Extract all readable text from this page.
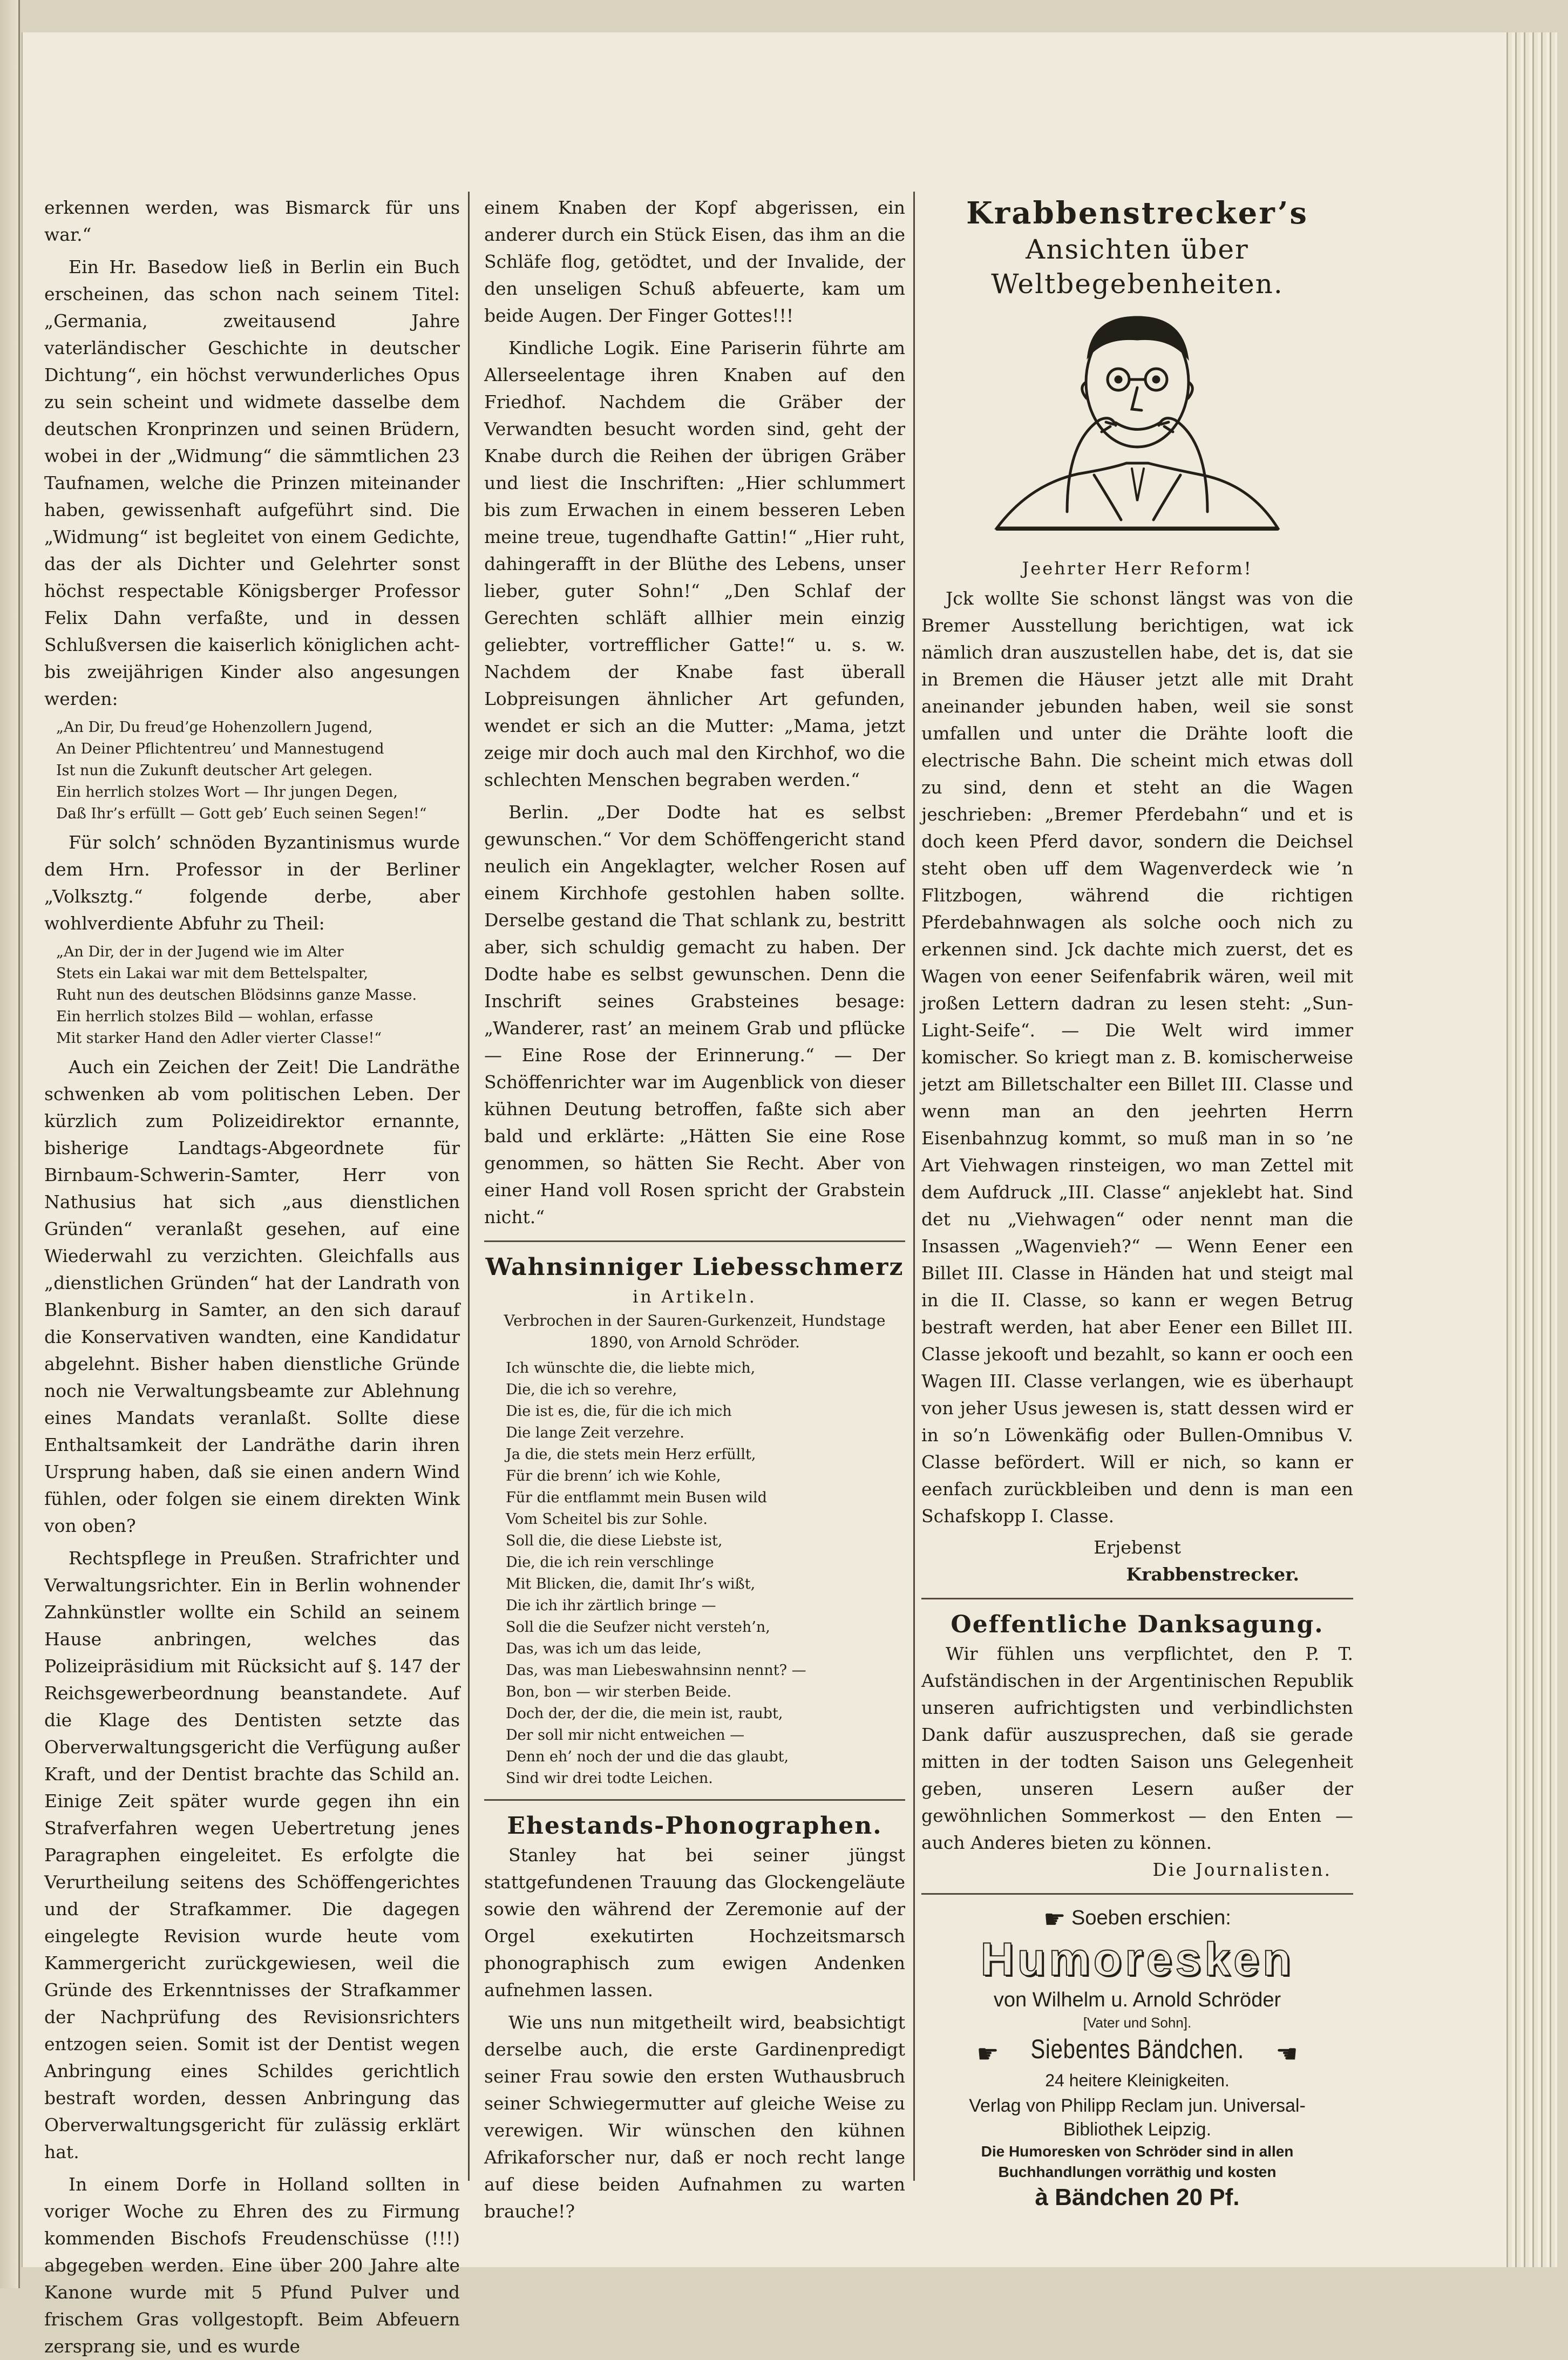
erkennen werden, was Bismarck für uns war.“

Ein Hr. Basedow ließ in Berlin ein Buch erscheinen, das schon nach seinem Titel: „Germania, zweitausend Jahre vaterländischer Geschichte in deutscher Dichtung“, ein höchst verwunderliches Opus zu sein scheint und widmete dasselbe dem deutschen Kronprinzen und seinen Brüdern, wobei in der „Widmung“ die sämmtlichen 23 Taufnamen, welche die Prinzen miteinander haben, gewissenhaft aufgeführt sind. Die „Widmung“ ist begleitet von einem Gedichte, das der als Dichter und Gelehrter sonst höchst respectable Königsberger Professor Felix Dahn verfaßte, und in dessen Schlußversen die kaiserlich königlichen acht- bis zweijährigen Kinder also angesungen werden:

„An Dir, Du freud’ge Hohenzollern Jugend,
An Deiner Pflichtentreu’ und Mannestugend
Ist nun die Zukunft deutscher Art gelegen.
Ein herrlich stolzes Wort — Ihr jungen Degen,
Daß Ihr’s erfüllt — Gott geb’ Euch seinen Segen!“

Für solch’ schnöden Byzantinismus wurde dem Hrn. Professor in der Berliner „Volksztg.“ folgende derbe, aber wohlverdiente Abfuhr zu Theil:

„An Dir, der in der Jugend wie im Alter
Stets ein Lakai war mit dem Bettelspalter,
Ruht nun des deutschen Blödsinns ganze Masse.
Ein herrlich stolzes Bild — wohlan, erfasse
Mit starker Hand den Adler vierter Classe!“

Auch ein Zeichen der Zeit! Die Landräthe schwenken ab vom politischen Leben. Der kürzlich zum Polizeidirektor ernannte, bisherige Landtags-Abgeordnete für Birnbaum-Schwerin-Samter, Herr von Nathusius hat sich „aus dienstlichen Gründen“ veranlaßt gesehen, auf eine Wiederwahl zu verzichten. Gleichfalls aus „dienstlichen Gründen“ hat der Landrath von Blankenburg in Samter, an den sich darauf die Konservativen wandten, eine Kandidatur abgelehnt. Bisher haben dienstliche Gründe noch nie Verwaltungsbeamte zur Ablehnung eines Mandats veranlaßt. Sollte diese Enthaltsamkeit der Landräthe darin ihren Ursprung haben, daß sie einen andern Wind fühlen, oder folgen sie einem direkten Wink von oben?

Rechtspflege in Preußen. Strafrichter und Verwaltungsrichter. Ein in Berlin wohnender Zahnkünstler wollte ein Schild an seinem Hause anbringen, welches das Polizeipräsidium mit Rücksicht auf §. 147 der Reichsgewerbeordnung beanstandete. Auf die Klage des Dentisten setzte das Oberverwaltungsgericht die Verfügung außer Kraft, und der Dentist brachte das Schild an. Einige Zeit später wurde gegen ihn ein Strafverfahren wegen Uebertretung jenes Paragraphen eingeleitet. Es erfolgte die Verurtheilung seitens des Schöffengerichtes und der Strafkammer. Die dagegen eingelegte Revision wurde heute vom Kammergericht zurückgewiesen, weil die Gründe des Erkenntnisses der Strafkammer der Nachprüfung des Revisionsrichters entzogen seien. Somit ist der Dentist wegen Anbringung eines Schildes gerichtlich bestraft worden, dessen Anbringung das Oberverwaltungsgericht für zulässig erklärt hat.

In einem Dorfe in Holland sollten in voriger Woche zu Ehren des zu Firmung kommenden Bischofs Freudenschüsse (!!!) abgegeben werden. Eine über 200 Jahre alte Kanone wurde mit 5 Pfund Pulver und frischem Gras vollgestopft. Beim Abfeuern zersprang sie, und es wurde

einem Knaben der Kopf abgerissen, ein anderer durch ein Stück Eisen, das ihm an die Schläfe flog, getödtet, und der Invalide, der den unseligen Schuß abfeuerte, kam um beide Augen. Der Finger Gottes!!!

Kindliche Logik. Eine Pariserin führte am Allerseelentage ihren Knaben auf den Friedhof. Nachdem die Gräber der Verwandten besucht worden sind, geht der Knabe durch die Reihen der übrigen Gräber und liest die Inschriften: „Hier schlummert bis zum Erwachen in einem besseren Leben meine treue, tugendhafte Gattin!“ „Hier ruht, dahingerafft in der Blüthe des Lebens, unser lieber, guter Sohn!“ „Den Schlaf der Gerechten schläft allhier mein einzig geliebter, vortrefflicher Gatte!“ u. s. w. Nachdem der Knabe fast überall Lobpreisungen ähnlicher Art gefunden, wendet er sich an die Mutter: „Mama, jetzt zeige mir doch auch mal den Kirchhof, wo die schlechten Menschen begraben werden.“

Berlin. „Der Dodte hat es selbst gewunschen.“ Vor dem Schöffengericht stand neulich ein Angeklagter, welcher Rosen auf einem Kirchhofe gestohlen haben sollte. Derselbe gestand die That schlank zu, bestritt aber, sich schuldig gemacht zu haben. Der Dodte habe es selbst gewunschen. Denn die Inschrift seines Grabsteines besage: „Wanderer, rast’ an meinem Grab und pflücke — Eine Rose der Erinnerung.“ — Der Schöffenrichter war im Augenblick von dieser kühnen Deutung betroffen, faßte sich aber bald und erklärte: „Hätten Sie eine Rose genommen, so hätten Sie Recht. Aber von einer Hand voll Rosen spricht der Grabstein nicht.“

Wahnsinniger Liebesschmerz
in Artikeln.
Verbrochen in der Sauren-Gurkenzeit, Hundstage 1890, von Arnold Schröder.
Ich wünschte die, die liebte mich,
Die, die ich so verehre,
Die ist es, die, für die ich mich
Die lange Zeit verzehre.
Ja die, die stets mein Herz erfüllt,
Für die brenn’ ich wie Kohle,
Für die entflammt mein Busen wild
Vom Scheitel bis zur Sohle.
Soll die, die diese Liebste ist,
Die, die ich rein verschlinge
Mit Blicken, die, damit Ihr’s wißt,
Die ich ihr zärtlich bringe —
Soll die die Seufzer nicht versteh’n,
Das, was ich um das leide,
Das, was man Liebeswahnsinn nennt? —
Bon, bon — wir sterben Beide.
Doch der, der die, die mein ist, raubt,
Der soll mir nicht entweichen —
Denn eh’ noch der und die das glaubt,
Sind wir drei todte Leichen.
Ehestands-Phonographen.

Stanley hat bei seiner jüngst stattgefundenen Trauung das Glockengeläute sowie den während der Zeremonie auf der Orgel exekutirten Hochzeitsmarsch phonographisch zum ewigen Andenken aufnehmen lassen.

Wie uns nun mitgetheilt wird, beabsichtigt derselbe auch, die erste Gardinenpredigt seiner Frau sowie den ersten Wuthausbruch seiner Schwiegermutter auf gleiche Weise zu verewigen. Wir wünschen den kühnen Afrikaforscher nur, daß er noch recht lange auf diese beiden Aufnahmen zu warten brauche!?

Krabbenstrecker’s
Ansichten über Weltbegebenheiten.
Jeehrter Herr Reform!

Jck wollte Sie schonst längst was von die Bremer Ausstellung berichtigen, wat ick nämlich dran auszustellen habe, det is, dat sie in Bremen die Häuser jetzt alle mit Draht aneinander jebunden haben, weil sie sonst umfallen und unter die Drähte looft die electrische Bahn. Die scheint mich etwas doll zu sind, denn et steht an die Wagen jeschrieben: „Bremer Pferdebahn“ und et is doch keen Pferd davor, sondern die Deichsel steht oben uff dem Wagenverdeck wie ’n Flitzbogen, während die richtigen Pferdebahnwagen als solche ooch nich zu erkennen sind. Jck dachte mich zuerst, det es Wagen von eener Seifenfabrik wären, weil mit jroßen Lettern dadran zu lesen steht: „Sun-Light-Seife“. — Die Welt wird immer komischer. So kriegt man z. B. komischerweise jetzt am Billetschalter een Billet III. Classe und wenn man an den jeehrten Herrn Eisenbahnzug kommt, so muß man in so ’ne Art Viehwagen rinsteigen, wo man Zettel mit dem Aufdruck „III. Classe“ anjeklebt hat. Sind det nu „Viehwagen“ oder nennt man die Insassen „Wagenvieh?“ — Wenn Eener een Billet III. Classe in Händen hat und steigt mal in die II. Classe, so kann er wegen Betrug bestraft werden, hat aber Eener een Billet III. Classe jekooft und bezahlt, so kann er ooch een Wagen III. Classe verlangen, wie es überhaupt von jeher Usus jewesen is, statt dessen wird er in so’n Löwenkäfig oder Bullen-Omnibus V. Classe befördert. Will er nich, so kann er eenfach zurückbleiben und denn is man een Schafskopp I. Classe.

Erjebenst
Krabbenstrecker.
Oeffentliche Danksagung.

Wir fühlen uns verpflichtet, den P. T. Aufständischen in der Argentinischen Republik unseren aufrichtigsten und verbindlichsten Dank dafür auszusprechen, daß sie gerade mitten in der todten Saison uns Gelegenheit geben, unseren Lesern außer der gewöhnlichen Sommerkost — den Enten — auch Anderes bieten zu können.

Die Journalisten.
☛ Soeben erschien:
Humoresken
von Wilhelm u. Arnold Schröder
[Vater und Sohn].
☛ Siebentes Bändchen. ☚
24 heitere Kleinigkeiten.
Verlag von Philipp Reclam jun. Universal-
Bibliothek Leipzig.
Die Humoresken von Schröder sind in allen Buchhandlungen vorräthig und kosten
à Bändchen 20 Pf.
